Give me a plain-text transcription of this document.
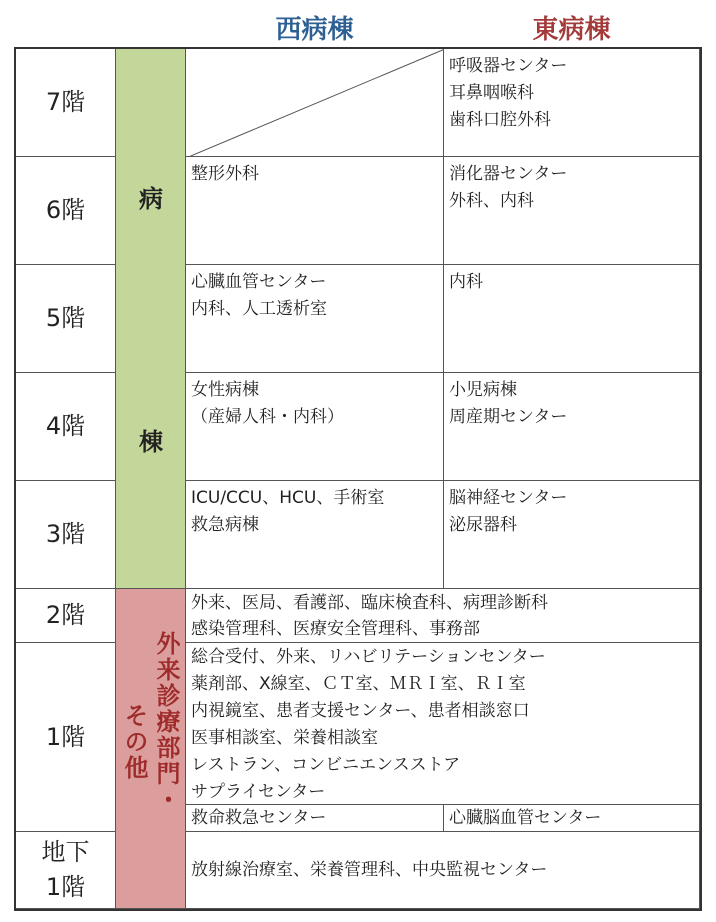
西病棟	東病棟
7階
6階
5階
4階
3階
2階
1階
地下
1階
病
棟
その他 外来診療部門・
整形外科
心臓血管センター
内科、人工透析室
女性病棟
（産婦人科・内科）
ICU/CCU、HCU、手術室
救急病棟
呼吸器センター
耳鼻咽喉科
歯科口腔外科
消化器センター
外科、内科
内科
小児病棟
周産期センター
脳神経センター
泌尿器科
外来、医局、看護部、臨床検査科、病理診断科
感染管理科、医療安全管理科、事務部
総合受付、外来、リハビリテーションセンター
薬剤部、X線室、ＣＴ室、ＭＲＩ室、ＲＩ室
内視鏡室、患者支援センター、患者相談窓口
医事相談室、栄養相談室
レストラン、コンビニエンスストア
サプライセンター
救命救急センター	心臓脳血管センター
放射線治療室、栄養管理科、中央監視センター
